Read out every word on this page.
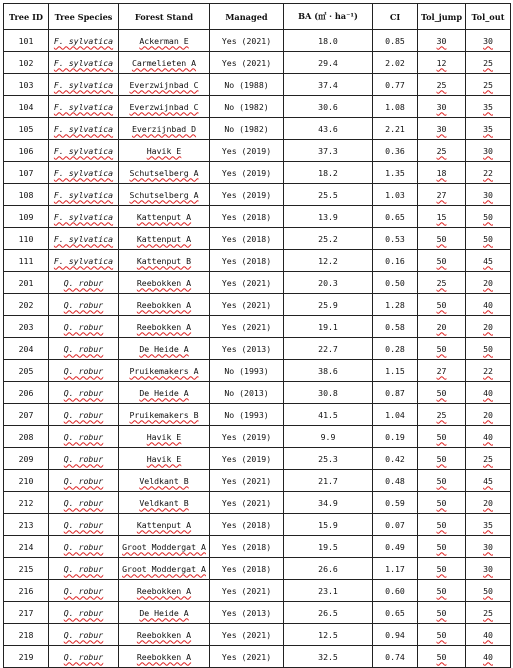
Tree ID	Tree Species	Forest Stand	Managed	BA (㎡ · ha⁻¹)	CI	Tol_jump	Tol_out
101	F. sylvatica	Ackerman E	Yes (2021)	18.0	0.85	30	30
102	F. sylvatica	Carmelieten A	Yes (2021)	29.4	2.02	12	25
103	F. sylvatica	Everzwijnbad C	No (1988)	37.4	0.77	25	25
104	F. sylvatica	Everzwijnbad C	No (1982)	30.6	1.08	30	35
105	F. sylvatica	Everzijnbad D	No (1982)	43.6	2.21	30	35
106	F. sylvatica	Havik E	Yes (2019)	37.3	0.36	25	30
107	F. sylvatica	Schutselberg A	Yes (2019)	18.2	1.35	18	22
108	F. sylvatica	Schutselberg A	Yes (2019)	25.5	1.03	27	30
109	F. sylvatica	Kattenput A	Yes (2018)	13.9	0.65	15	50
110	F. sylvatica	Kattenput A	Yes (2018)	25.2	0.53	50	50
111	F. sylvatica	Kattenput B	Yes (2018)	12.2	0.16	50	45
201	Q. robur	Reebokken A	Yes (2021)	20.3	0.50	25	20
202	Q. robur	Reebokken A	Yes (2021)	25.9	1.28	50	40
203	Q. robur	Reebokken A	Yes (2021)	19.1	0.58	20	20
204	Q. robur	De Heide A	Yes (2013)	22.7	0.28	50	50
205	Q. robur	Pruikemakers A	No (1993)	38.6	1.15	27	22
206	Q. robur	De Heide A	No (2013)	30.8	0.87	50	40
207	Q. robur	Pruikemakers B	No (1993)	41.5	1.04	25	20
208	Q. robur	Havik E	Yes (2019)	9.9	0.19	50	40
209	Q. robur	Havik E	Yes (2019)	25.3	0.42	50	25
210	Q. robur	Veldkant B	Yes (2021)	21.7	0.48	50	45
212	Q. robur	Veldkant B	Yes (2021)	34.9	0.59	50	20
213	Q. robur	Kattenput A	Yes (2018)	15.9	0.07	50	35
214	Q. robur	Groot Moddergat A	Yes (2018)	19.5	0.49	50	30
215	Q. robur	Groot Moddergat A	Yes (2018)	26.6	1.17	50	30
216	Q. robur	Reebokken A	Yes (2021)	23.1	0.60	50	50
217	Q. robur	De Heide A	Yes (2013)	26.5	0.65	50	25
218	Q. robur	Reebokken A	Yes (2021)	12.5	0.94	50	40
219	Q. robur	Reebokken A	Yes (2021)	32.5	0.74	50	40
